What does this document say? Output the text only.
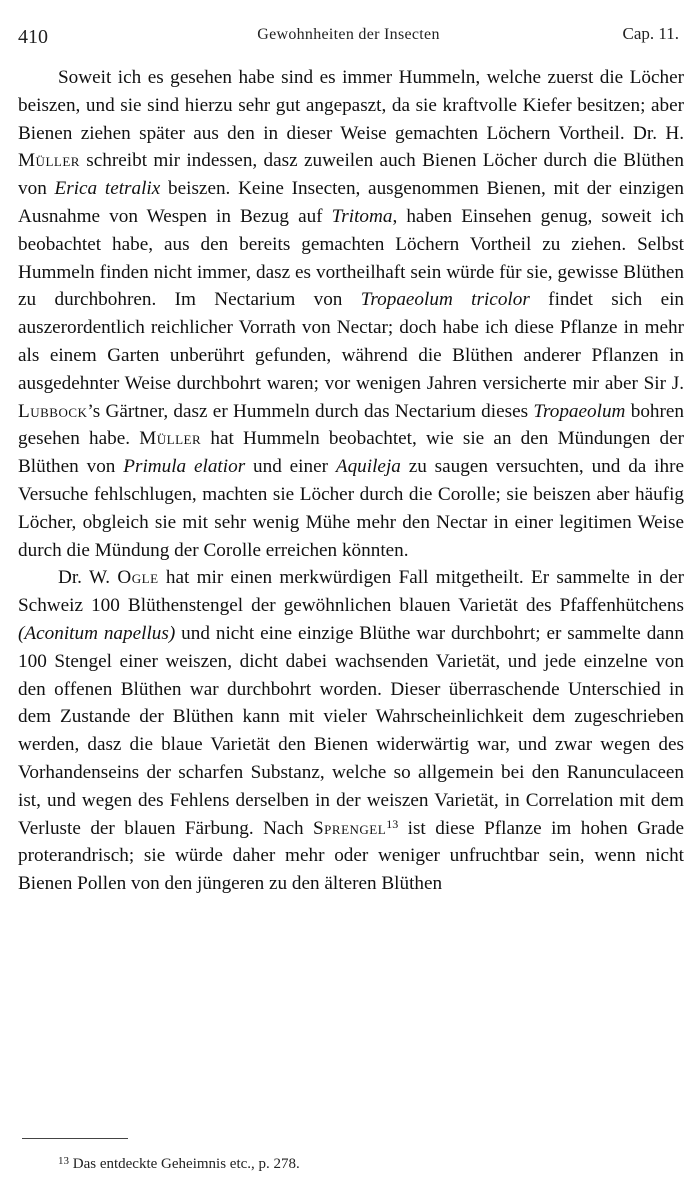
410	Gewohnheiten der Insecten	Cap. 11.

Soweit ich es gesehen habe sind es immer Hummeln, welche zuerst die Löcher beiszen, und sie sind hierzu sehr gut angepaszt, da sie kraftvolle Kiefer besitzen; aber Bienen ziehen später aus den in dieser Weise gemachten Löchern Vortheil. Dr. H. Müller schreibt mir indessen, dasz zuweilen auch Bienen Löcher durch die Blüthen von Erica tetralix beiszen. Keine Insecten, ausgenommen Bienen, mit der einzigen Ausnahme von Wespen in Bezug auf Tritoma, haben Einsehen genug, soweit ich beobachtet habe, aus den bereits gemachten Löchern Vortheil zu ziehen. Selbst Hummeln finden nicht immer, dasz es vortheilhaft sein würde für sie, gewisse Blüthen zu durchbohren. Im Nectarium von Tropaeolum tricolor findet sich ein auszerordentlich reichlicher Vorrath von Nectar; doch habe ich diese Pflanze in mehr als einem Garten unberührt gefunden, während die Blüthen anderer Pflanzen in ausgedehnter Weise durchbohrt waren; vor wenigen Jahren versicherte mir aber Sir J. Lubbock’s Gärtner, dasz er Hummeln durch das Nectarium dieses Tropaeolum bohren gesehen habe. Müller hat Hummeln beobachtet, wie sie an den Mündungen der Blüthen von Primula elatior und einer Aquileja zu saugen versuchten, und da ihre Versuche fehlschlugen, machten sie Löcher durch die Corolle; sie beiszen aber häufig Löcher, obgleich sie mit sehr wenig Mühe mehr den Nectar in einer legitimen Weise durch die Mündung der Corolle erreichen könnten.

Dr. W. Ogle hat mir einen merkwürdigen Fall mitgetheilt. Er sammelte in der Schweiz 100 Blüthenstengel der gewöhnlichen blauen Varietät des Pfaffenhütchens (Aconitum napellus) und nicht eine einzige Blüthe war durchbohrt; er sammelte dann 100 Stengel einer weiszen, dicht dabei wachsenden Varietät, und jede einzelne von den offenen Blüthen war durchbohrt worden. Dieser überraschende Unterschied in dem Zustande der Blüthen kann mit vieler Wahrscheinlichkeit dem zugeschrieben werden, dasz die blaue Varietät den Bienen widerwärtig war, und zwar wegen des Vorhandenseins der scharfen Substanz, welche so allgemein bei den Ranunculaceen ist, und wegen des Fehlens derselben in der weiszen Varietät, in Correlation mit dem Verluste der blauen Färbung. Nach Sprengel$^{13}$ ist diese Pflanze im hohen Grade proterandrisch; sie würde daher mehr oder weniger unfruchtbar sein, wenn nicht Bienen Pollen von den jüngeren zu den älteren Blüthen

$^{13}$ Das entdeckte Geheimnis etc., p. 278.
